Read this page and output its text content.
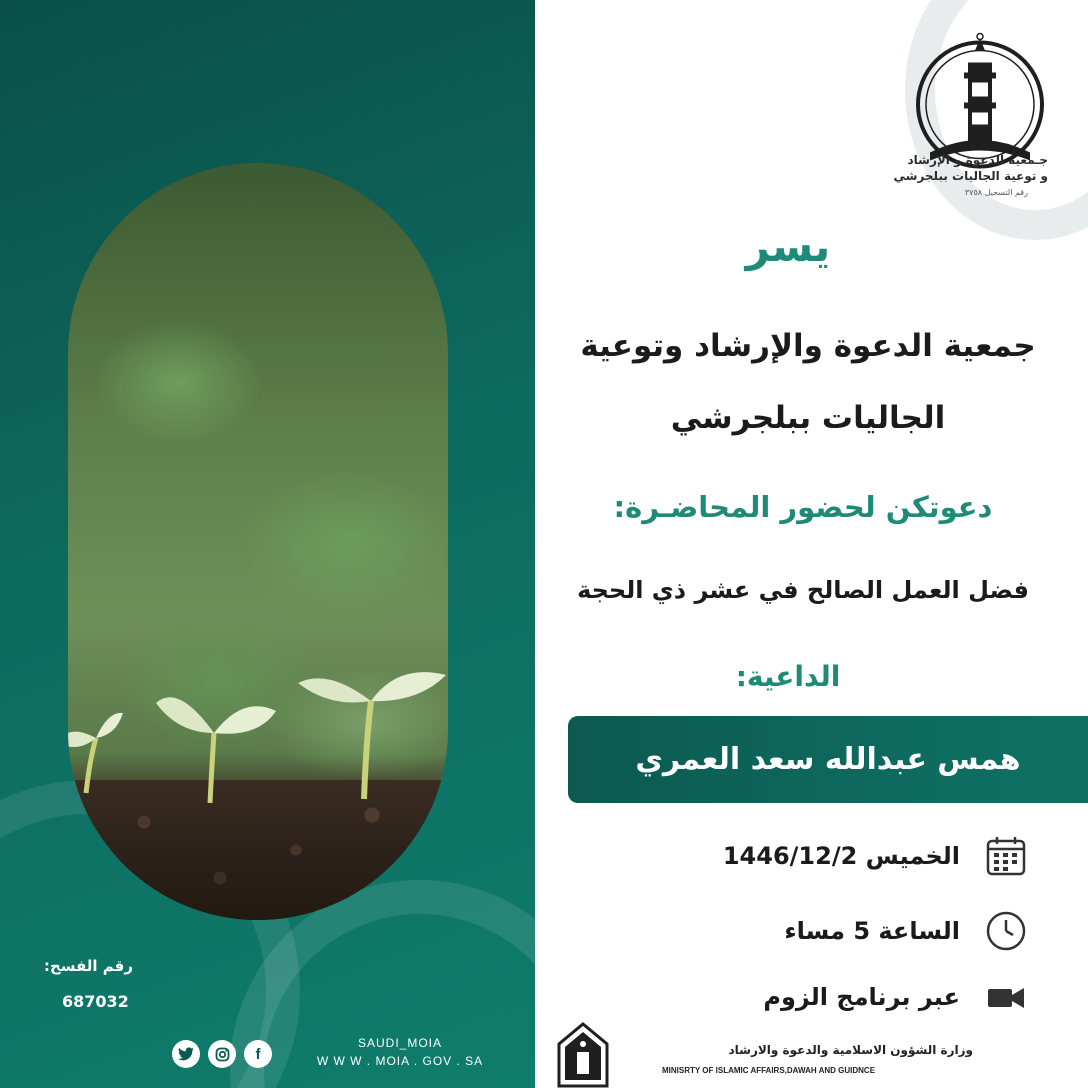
رقم الفسح:
687032
f
SAUDI_MOIA
W W W . MOIA . GOV . SA
جـمعية الدعوة و الإرشاد
و توعية الجاليات ببلجرشي
رقم التسجيل ٣٧٥٨
يسر
جمعية الدعوة والإرشاد وتوعية
الجاليات ببلجرشي
دعوتكن لحضور المحاضـرة:
فضل العمل الصالح في عشر ذي الحجة
الداعية:
همس عبدالله سعد العمري
الخميس 1446/12/2
الساعة 5 مساء
عبر برنامج الزوم
وزارة الشؤون الاسلامية والدعوة والارشاد
MINISRTY OF ISLAMIC AFFAIRS,DAWAH AND GUIDNCE
